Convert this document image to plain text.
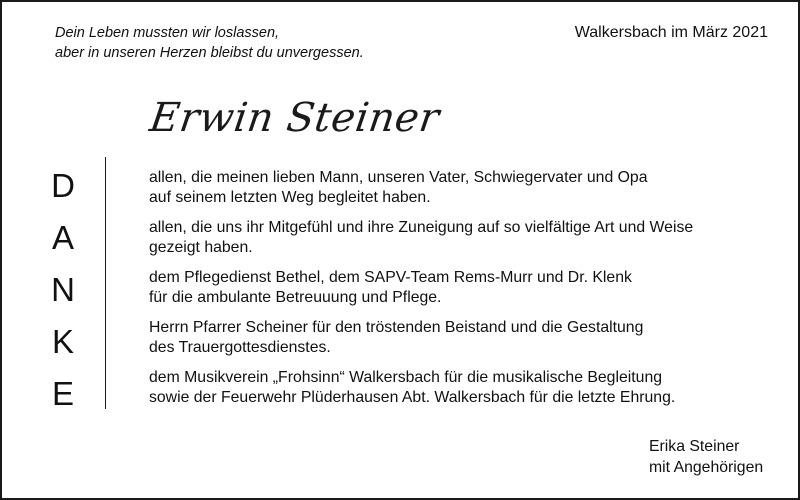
Dein Leben mussten wir loslassen,
aber in unseren Herzen bleibst du unvergessen.
Walkersbach im März 2021
Erwin Steiner
D
A
N
K
E
allen, die meinen lieben Mann, unseren Vater, Schwiegervater und Opa
auf seinem letzten Weg begleitet haben.
allen, die uns ihr Mitgefühl und ihre Zuneigung auf so vielfältige Art und Weise
gezeigt haben.
dem Pflegedienst Bethel, dem SAPV-Team Rems-Murr und Dr. Klenk
für die ambulante Betreuuung und Pflege.
Herrn Pfarrer Scheiner für den tröstenden Beistand und die Gestaltung
des Trauergottesdienstes.
dem Musikverein „Frohsinn“ Walkersbach für die musikalische Begleitung
sowie der Feuerwehr Plüderhausen Abt. Walkersbach für die letzte Ehrung.
Erika Steiner
mit Angehörigen
